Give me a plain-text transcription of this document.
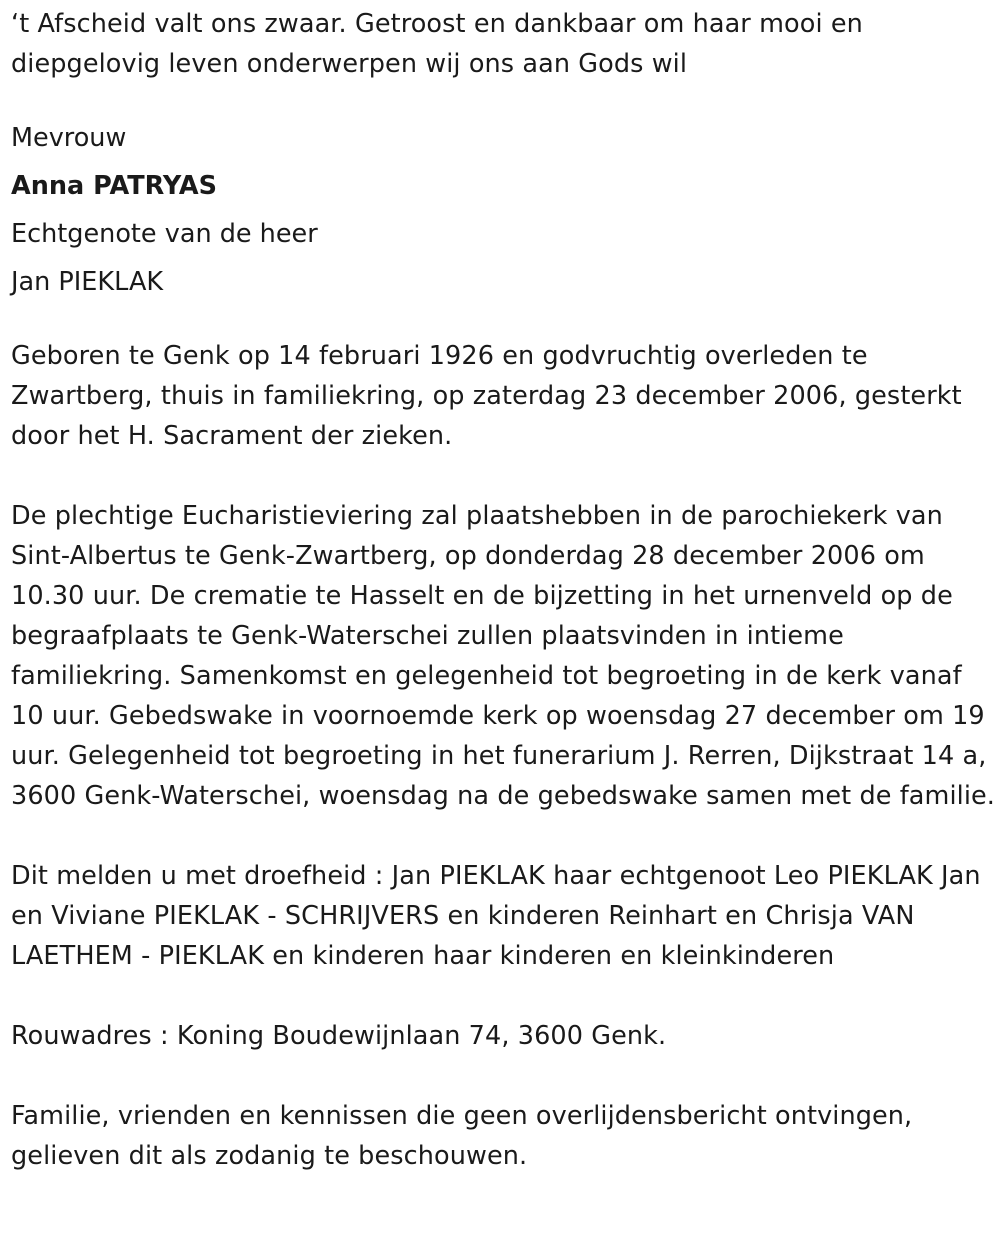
‘t Afscheid valt ons zwaar. Getroost en dankbaar om haar mooi en diepgelovig leven onderwerpen wij ons aan Gods wil

Mevrouw
Anna PATRYAS
Echtgenote van de heer
Jan PIEKLAK

Geboren te Genk op 14 februari 1926 en godvruchtig overleden te Zwartberg, thuis in familiekring, op zaterdag 23 december 2006, gesterkt door het H. Sacrament der zieken.

De plechtige Eucharistieviering zal plaatshebben in de parochiekerk van Sint-Albertus te Genk-Zwartberg, op donderdag 28 december 2006 om 10.30 uur. De crematie te Hasselt en de bijzetting in het urnenveld op de begraafplaats te Genk-Waterschei zullen plaatsvinden in intieme familiekring. Samenkomst en gelegenheid tot begroeting in de kerk vanaf 10 uur. Gebedswake in voornoemde kerk op woensdag 27 december om 19 uur. Gelegenheid tot begroeting in het funerarium J. Rerren, Dijkstraat 14 a, 3600 Genk-Waterschei, woensdag na de gebedswake samen met de familie.

Dit melden u met droefheid : Jan PIEKLAK haar echtgenoot Leo PIEKLAK Jan en Viviane PIEKLAK - SCHRIJVERS en kinderen Reinhart en Chrisja VAN LAETHEM - PIEKLAK en kinderen haar kinderen en kleinkinderen

Rouwadres : Koning Boudewijnlaan 74, 3600 Genk.

Familie, vrienden en kennissen die geen overlijdensbericht ontvingen, gelieven dit als zodanig te beschouwen.
